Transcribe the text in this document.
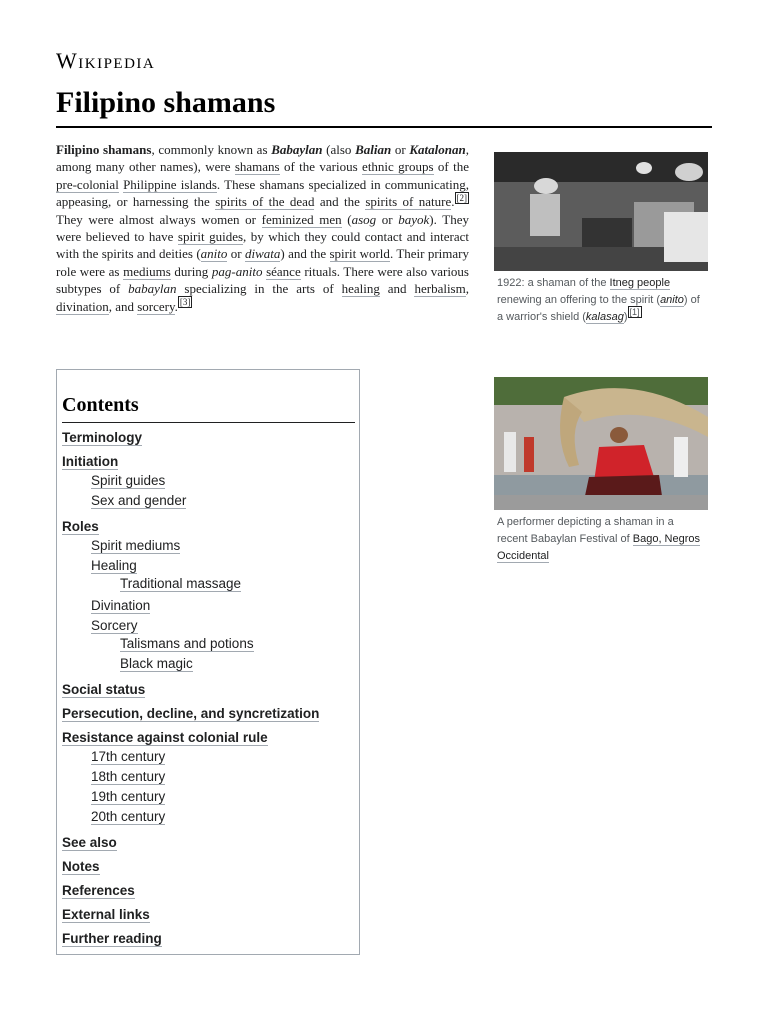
Wikipedia
Filipino shamans

Filipino shamans, commonly known as Babaylan (also Balian or Katalonan, among many other names), were shamans of the various ethnic groups of the pre-colonial Philippine islands. These shamans specialized in communicating, appeasing, or harnessing the spirits of the dead and the spirits of nature. [2] They were almost always women or feminized men (asog or bayok). They were believed to have spirit guides, by which they could contact and interact with the spirits and deities (anito or diwata) and the spirit world. Their primary role were as mediums during pag-anito séance rituals. There were also various subtypes of babaylan specializing in the arts of healing and herbalism, divination, and sorcery. [3]

1922: a shaman of the Itneg people renewing an offering to the spirit (anito) of a warrior's shield (kalasag) [1]
A performer depicting a shaman in a recent Babaylan Festival of Bago, Negros Occidental
Contents
Terminology
Initiation
Spirit guides
Sex and gender
Roles
Spirit mediums
Healing
Traditional massage
Divination
Sorcery
Talismans and potions
Black magic
Social status
Persecution, decline, and syncretization
Resistance against colonial rule
17th century
18th century
19th century
20th century
See also
Notes
References
External links
Further reading
